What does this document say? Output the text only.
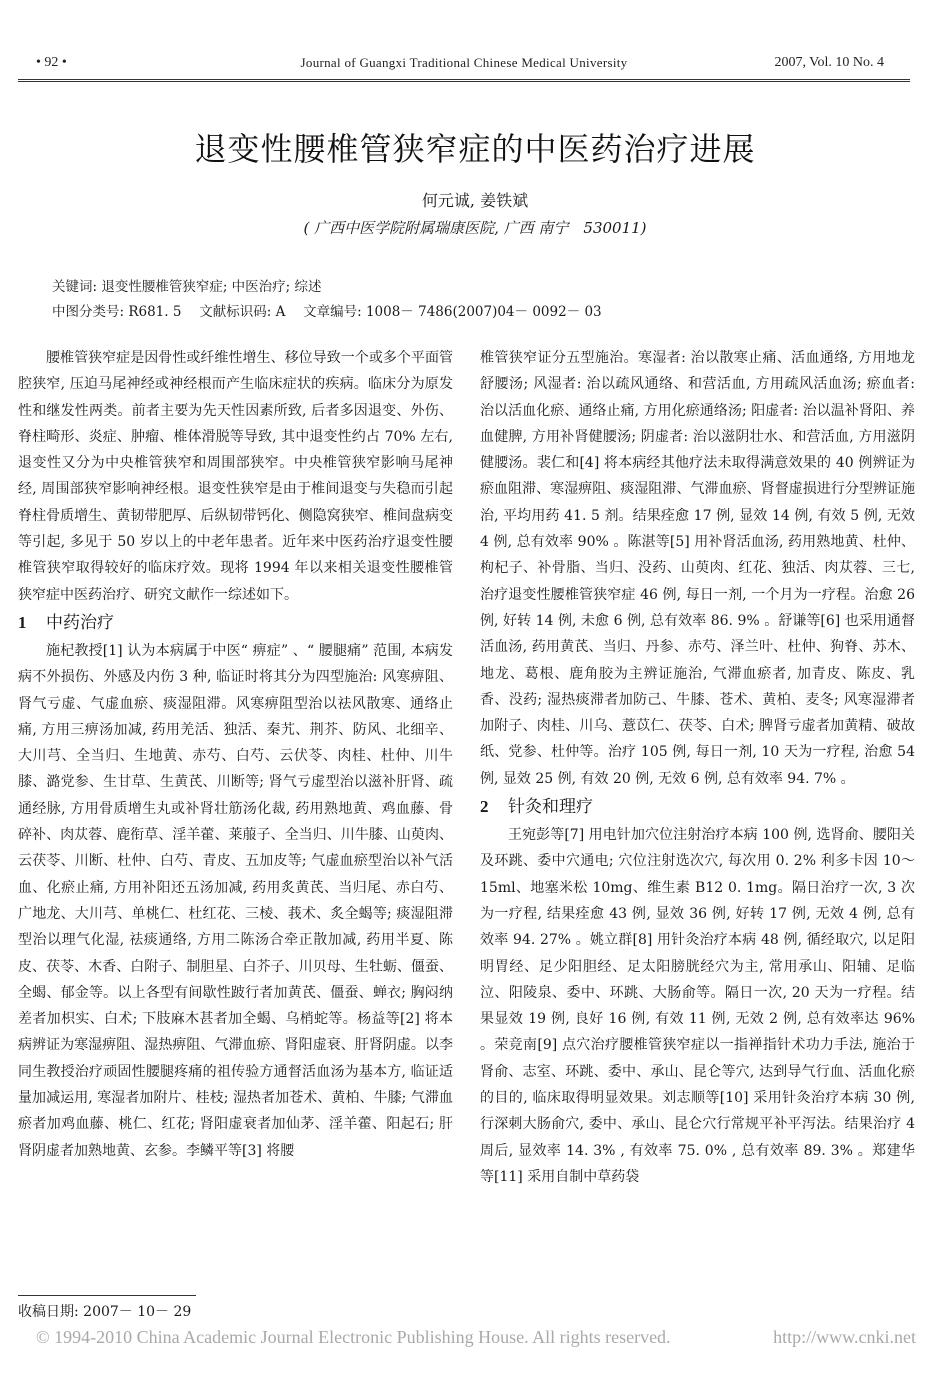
• 92 •	Journal of Guangxi Traditional Chinese Medical University	2007, Vol. 10 No. 4
退变性腰椎管狭窄症的中医药治疗进展
何元诚, 姜铁斌
( 广西中医学院附属瑞康医院, 广西 南宁　530011)
关键词: 退变性腰椎管狭窄症; 中医治疗; 综述
中图分类号: R681. 5　 文献标识码: A　 文章编号: 1008－ 7486(2007)04－ 0092－ 03

腰椎管狭窄症是因骨性或纤维性增生、移位导致一个或多个平面管腔狭窄, 压迫马尾神经或神经根而产生临床症状的疾病。临床分为原发性和继发性两类。前者主要为先天性因素所致, 后者多因退变、外伤、脊柱畸形、炎症、肿瘤、椎体滑脱等导致, 其中退变性约占 70% 左右, 退变性又分为中央椎管狭窄和周围部狭窄。中央椎管狭窄影响马尾神经, 周围部狭窄影响神经根。退变性狭窄是由于椎间退变与失稳而引起脊柱骨质增生、黄韧带肥厚、后纵韧带钙化、侧隐窝狭窄、椎间盘病变等引起, 多见于 50 岁以上的中老年患者。近年来中医药治疗退变性腰椎管狭窄取得较好的临床疗效。现将 1994 年以来相关退变性腰椎管狭窄症中医药治疗、研究文献作一综述如下。

1 中药治疗

施杞教授[1] 认为本病属于中医“ 痹症” 、“ 腰腿痛” 范围, 本病发病不外损伤、外感及内伤 3 种, 临证时将其分为四型施治: 风寒痹阻、肾气亏虚、气虚血瘀、痰湿阻滞。风寒痹阻型治以祛风散寒、通络止痛, 方用三痹汤加减, 药用羌活、独活、秦艽、荆芥、防风、北细辛、大川芎、全当归、生地黄、赤芍、白芍、云伏苓、肉桂、杜仲、川牛膝、潞党参、生甘草、生黄芪、川断等; 肾气亏虚型治以滋补肝肾、疏通经脉, 方用骨质增生丸或补肾壮筋汤化裁, 药用熟地黄、鸡血藤、骨碎补、肉苁蓉、鹿衔草、淫羊藿、莱菔子、全当归、川牛膝、山萸肉、云茯苓、川断、杜仲、白芍、青皮、五加皮等; 气虚血瘀型治以补气活血、化瘀止痛, 方用补阳还五汤加减, 药用炙黄芪、当归尾、赤白芍、广地龙、大川芎、单桃仁、杜红花、三棱、莪术、炙全蝎等; 痰湿阻滞型治以理气化湿, 祛痰通络, 方用二陈汤合牵正散加减, 药用半夏、陈皮、茯苓、木香、白附子、制胆星、白芥子、川贝母、生牡蛎、僵蚕、全蝎、郁金等。以上各型有间歇性跛行者加黄芪、僵蚕、蝉衣; 胸闷纳差者加枳实、白术; 下肢麻木甚者加全蝎、乌梢蛇等。杨益等[2] 将本病辨证为寒湿痹阻、湿热痹阻、气滞血瘀、肾阳虚衰、肝肾阴虚。以李同生教授治疗顽固性腰腿疼痛的祖传验方通督活血汤为基本方, 临证适量加减运用, 寒湿者加附片、桂枝; 湿热者加苍术、黄柏、牛膝; 气滞血瘀者加鸡血藤、桃仁、红花; 肾阳虚衰者加仙茅、淫羊藿、阳起石; 肝肾阴虚者加熟地黄、玄参。李鳞平等[3] 将腰

椎管狭窄证分五型施治。寒湿者: 治以散寒止痛、活血通络, 方用地龙舒腰汤; 风湿者: 治以疏风通络、和营活血, 方用疏风活血汤; 瘀血者: 治以活血化瘀、通络止痛, 方用化瘀通络汤; 阳虚者: 治以温补肾阳、养血健脾, 方用补肾健腰汤; 阴虚者: 治以滋阴壮水、和营活血, 方用滋阴健腰汤。裴仁和[4] 将本病经其他疗法未取得满意效果的 40 例辨证为瘀血阻滞、寒湿痹阻、痰湿阻滞、气滞血瘀、肾督虚损进行分型辨证施治, 平均用药 41. 5 剂。结果痊愈 17 例, 显效 14 例, 有效 5 例, 无效 4 例, 总有效率 90% 。陈湛等[5] 用补肾活血汤, 药用熟地黄、杜仲、枸杞子、补骨脂、当归、没药、山萸肉、红花、独活、肉苁蓉、三七, 治疗退变性腰椎管狭窄症 46 例, 每日一剂, 一个月为一疗程。治愈 26 例, 好转 14 例, 未愈 6 例, 总有效率 86. 9% 。舒谦等[6] 也采用通督活血汤, 药用黄芪、当归、丹参、赤芍、泽兰叶、杜仲、狗脊、苏木、地龙、葛根、鹿角胶为主辨证施治, 气滞血瘀者, 加青皮、陈皮、乳香、没药; 湿热痰滞者加防己、牛膝、苍术、黄柏、麦冬; 风寒湿滞者加附子、肉桂、川乌、薏苡仁、茯苓、白术; 脾肾亏虚者加黄精、破故纸、党参、杜仲等。治疗 105 例, 每日一剂, 10 天为一疗程, 治愈 54 例, 显效 25 例, 有效 20 例, 无效 6 例, 总有效率 94. 7% 。

2 针灸和理疗

王宛彭等[7] 用电针加穴位注射治疗本病 100 例, 选肾俞、腰阳关及环跳、委中穴通电; 穴位注射选次穴, 每次用 0. 2% 利多卡因 10～ 15ml、地塞米松 10mg、维生素 B12 0. 1mg。隔日治疗一次, 3 次为一疗程, 结果痊愈 43 例, 显效 36 例, 好转 17 例, 无效 4 例, 总有效率 94. 27% 。姚立群[8] 用针灸治疗本病 48 例, 循经取穴, 以足阳明胃经、足少阳胆经、足太阳膀胱经穴为主, 常用承山、阳辅、足临泣、阳陵泉、委中、环跳、大肠俞等。隔日一次, 20 天为一疗程。结果显效 19 例, 良好 16 例, 有效 11 例, 无效 2 例, 总有效率达 96% 。荣竞南[9] 点穴治疗腰椎管狭窄症以一指禅指针术功力手法, 施治于肾俞、志室、环跳、委中、承山、昆仑等穴, 达到导气行血、活血化瘀的目的, 临床取得明显效果。刘志顺等[10] 采用针灸治疗本病 30 例, 行深刺大肠俞穴, 委中、承山、昆仑穴行常规平补平泻法。结果治疗 4 周后, 显效率 14. 3% , 有效率 75. 0% , 总有效率 89. 3% 。郑建华等[11] 采用自制中草药袋

收稿日期: 2007－ 10－ 29
© 1994-2010 China Academic Journal Electronic Publishing House. All rights reserved.	http://www.cnki.net
